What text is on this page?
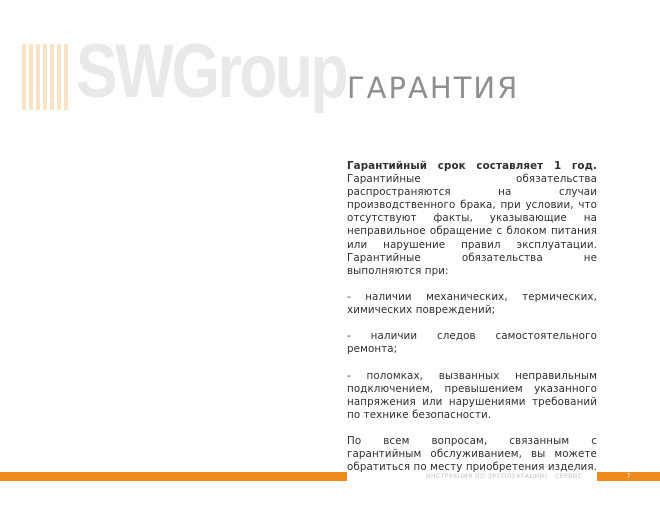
SWGroup ГАРАНТИЯ

Гарантийный срок составляет 1 год. Гарантийные обязательства распространяются на случаи производственного брака, при условии, что отсутствуют факты, указывающие на неправильное обращение с блоком питания или нарушение правил эксплуатации. Гарантийные обязательства не выполняются при:

- наличии механических, термических, химических повреждений;

- наличии следов самостоятельного ремонта;

- поломках, вызванных неправильным подключением, превышением указанного напряжения или нарушениями требований по технике безопасности.

По всем вопросам, связанным с гарантийным обслуживанием, вы можете обратиться по месту приобретения изделия.

ИНСТРУКЦИЯ ПО ЭКСПЛУАТАЦИИ / СЕРВИС	7
